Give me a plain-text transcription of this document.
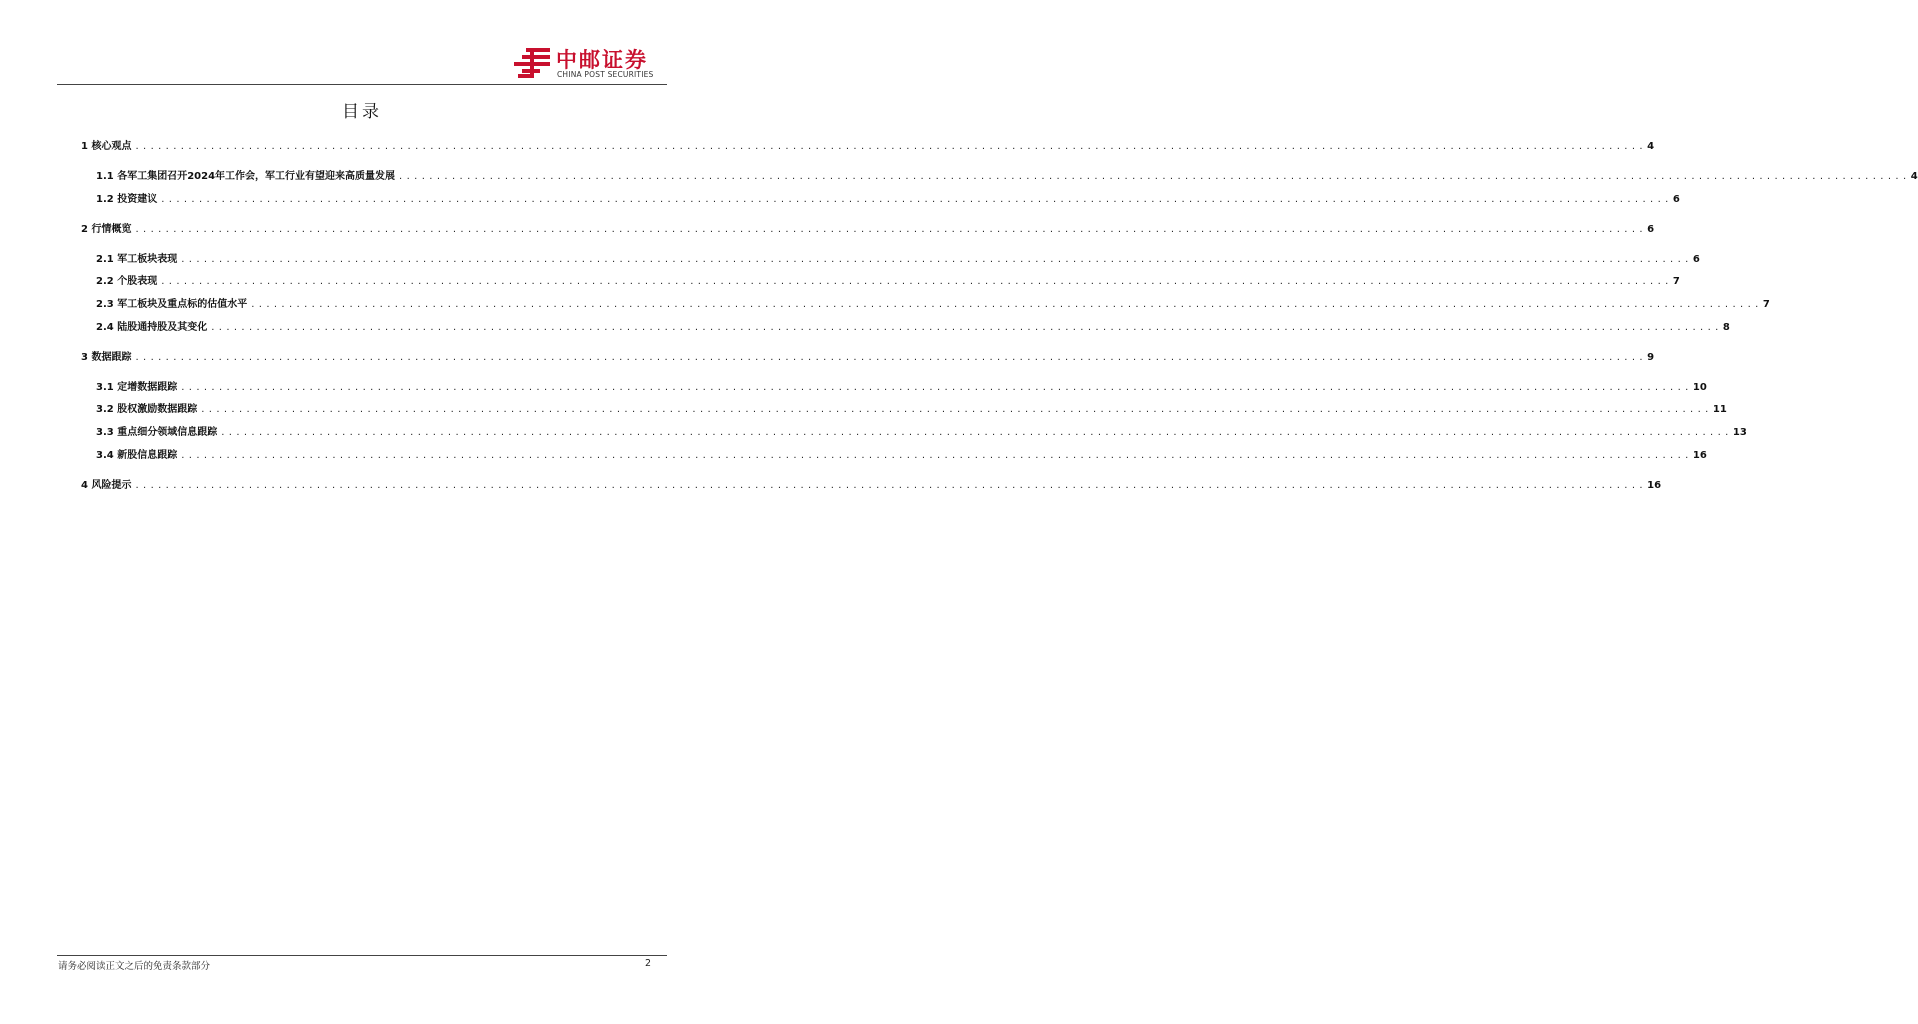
中邮证券
CHINA POST SECURITIES
目录
1 核心观点 . . . . . . . . . . . . . . . . . . . . . . . . . . . . . . . . . . . . . . . . . . . . . . . . . . . . . . . . . . . . . . . . . . . . . . . . . . . . . . . . . . . . . . . . . . . . . . . . . . . . . . . . . . . . . . . . . . . . . . . . . . . . . . . . . . . . . . . . . . . . . . . . . . . . . . . . . . . . . . . . . . . . . . . . . . . . . . . . . . . . . . . . . . . . . . . . . . . . . . . . 4
1.1 各军工集团召开2024年工作会，军工行业有望迎来高质量发展 . . . . . . . . . . . . . . . . . . . . . . . . . . . . . . . . . . . . . . . . . . . . . . . . . . . . . . . . . . . . . . . . . . . . . . . . . . . . . . . . . . . . . . . . . . . . . . . . . . . . . . . . . . . . . . . . . . . . . . . . . . . . . . . . . . . . . . . . . . . . . . . . . . . . . . . . . . . . . . . . . . . . . . . . . . . . . . . . . . . . . . . . . . . . . . . . . . . . . . . . 4
1.2 投资建议 . . . . . . . . . . . . . . . . . . . . . . . . . . . . . . . . . . . . . . . . . . . . . . . . . . . . . . . . . . . . . . . . . . . . . . . . . . . . . . . . . . . . . . . . . . . . . . . . . . . . . . . . . . . . . . . . . . . . . . . . . . . . . . . . . . . . . . . . . . . . . . . . . . . . . . . . . . . . . . . . . . . . . . . . . . . . . . . . . . . . . . . . . . . . . . . . . . . . . . . . 6
2 行情概览 . . . . . . . . . . . . . . . . . . . . . . . . . . . . . . . . . . . . . . . . . . . . . . . . . . . . . . . . . . . . . . . . . . . . . . . . . . . . . . . . . . . . . . . . . . . . . . . . . . . . . . . . . . . . . . . . . . . . . . . . . . . . . . . . . . . . . . . . . . . . . . . . . . . . . . . . . . . . . . . . . . . . . . . . . . . . . . . . . . . . . . . . . . . . . . . . . . . . . . . . 6
2.1 军工板块表现 . . . . . . . . . . . . . . . . . . . . . . . . . . . . . . . . . . . . . . . . . . . . . . . . . . . . . . . . . . . . . . . . . . . . . . . . . . . . . . . . . . . . . . . . . . . . . . . . . . . . . . . . . . . . . . . . . . . . . . . . . . . . . . . . . . . . . . . . . . . . . . . . . . . . . . . . . . . . . . . . . . . . . . . . . . . . . . . . . . . . . . . . . . . . . . . . . . . . . . . . 6
2.2 个股表现 . . . . . . . . . . . . . . . . . . . . . . . . . . . . . . . . . . . . . . . . . . . . . . . . . . . . . . . . . . . . . . . . . . . . . . . . . . . . . . . . . . . . . . . . . . . . . . . . . . . . . . . . . . . . . . . . . . . . . . . . . . . . . . . . . . . . . . . . . . . . . . . . . . . . . . . . . . . . . . . . . . . . . . . . . . . . . . . . . . . . . . . . . . . . . . . . . . . . . . . . 7
2.3 军工板块及重点标的估值水平 . . . . . . . . . . . . . . . . . . . . . . . . . . . . . . . . . . . . . . . . . . . . . . . . . . . . . . . . . . . . . . . . . . . . . . . . . . . . . . . . . . . . . . . . . . . . . . . . . . . . . . . . . . . . . . . . . . . . . . . . . . . . . . . . . . . . . . . . . . . . . . . . . . . . . . . . . . . . . . . . . . . . . . . . . . . . . . . . . . . . . . . . . . . . . . . . . . . . . . . . 7
2.4 陆股通持股及其变化 . . . . . . . . . . . . . . . . . . . . . . . . . . . . . . . . . . . . . . . . . . . . . . . . . . . . . . . . . . . . . . . . . . . . . . . . . . . . . . . . . . . . . . . . . . . . . . . . . . . . . . . . . . . . . . . . . . . . . . . . . . . . . . . . . . . . . . . . . . . . . . . . . . . . . . . . . . . . . . . . . . . . . . . . . . . . . . . . . . . . . . . . . . . . . . . . . . . . . . . . 8
3 数据跟踪 . . . . . . . . . . . . . . . . . . . . . . . . . . . . . . . . . . . . . . . . . . . . . . . . . . . . . . . . . . . . . . . . . . . . . . . . . . . . . . . . . . . . . . . . . . . . . . . . . . . . . . . . . . . . . . . . . . . . . . . . . . . . . . . . . . . . . . . . . . . . . . . . . . . . . . . . . . . . . . . . . . . . . . . . . . . . . . . . . . . . . . . . . . . . . . . . . . . . . . . . 9
3.1 定增数据跟踪 . . . . . . . . . . . . . . . . . . . . . . . . . . . . . . . . . . . . . . . . . . . . . . . . . . . . . . . . . . . . . . . . . . . . . . . . . . . . . . . . . . . . . . . . . . . . . . . . . . . . . . . . . . . . . . . . . . . . . . . . . . . . . . . . . . . . . . . . . . . . . . . . . . . . . . . . . . . . . . . . . . . . . . . . . . . . . . . . . . . . . . . . . . . . . . . . . . . . . . . . 10
3.2 股权激励数据跟踪 . . . . . . . . . . . . . . . . . . . . . . . . . . . . . . . . . . . . . . . . . . . . . . . . . . . . . . . . . . . . . . . . . . . . . . . . . . . . . . . . . . . . . . . . . . . . . . . . . . . . . . . . . . . . . . . . . . . . . . . . . . . . . . . . . . . . . . . . . . . . . . . . . . . . . . . . . . . . . . . . . . . . . . . . . . . . . . . . . . . . . . . . . . . . . . . . . . . . . . . . 11
3.3 重点细分领域信息跟踪 . . . . . . . . . . . . . . . . . . . . . . . . . . . . . . . . . . . . . . . . . . . . . . . . . . . . . . . . . . . . . . . . . . . . . . . . . . . . . . . . . . . . . . . . . . . . . . . . . . . . . . . . . . . . . . . . . . . . . . . . . . . . . . . . . . . . . . . . . . . . . . . . . . . . . . . . . . . . . . . . . . . . . . . . . . . . . . . . . . . . . . . . . . . . . . . . . . . . . . . . 13
3.4 新股信息跟踪 . . . . . . . . . . . . . . . . . . . . . . . . . . . . . . . . . . . . . . . . . . . . . . . . . . . . . . . . . . . . . . . . . . . . . . . . . . . . . . . . . . . . . . . . . . . . . . . . . . . . . . . . . . . . . . . . . . . . . . . . . . . . . . . . . . . . . . . . . . . . . . . . . . . . . . . . . . . . . . . . . . . . . . . . . . . . . . . . . . . . . . . . . . . . . . . . . . . . . . . . 16
4 风险提示 . . . . . . . . . . . . . . . . . . . . . . . . . . . . . . . . . . . . . . . . . . . . . . . . . . . . . . . . . . . . . . . . . . . . . . . . . . . . . . . . . . . . . . . . . . . . . . . . . . . . . . . . . . . . . . . . . . . . . . . . . . . . . . . . . . . . . . . . . . . . . . . . . . . . . . . . . . . . . . . . . . . . . . . . . . . . . . . . . . . . . . . . . . . . . . . . . . . . . . . . 16
请务必阅读正文之后的免责条款部分	2
